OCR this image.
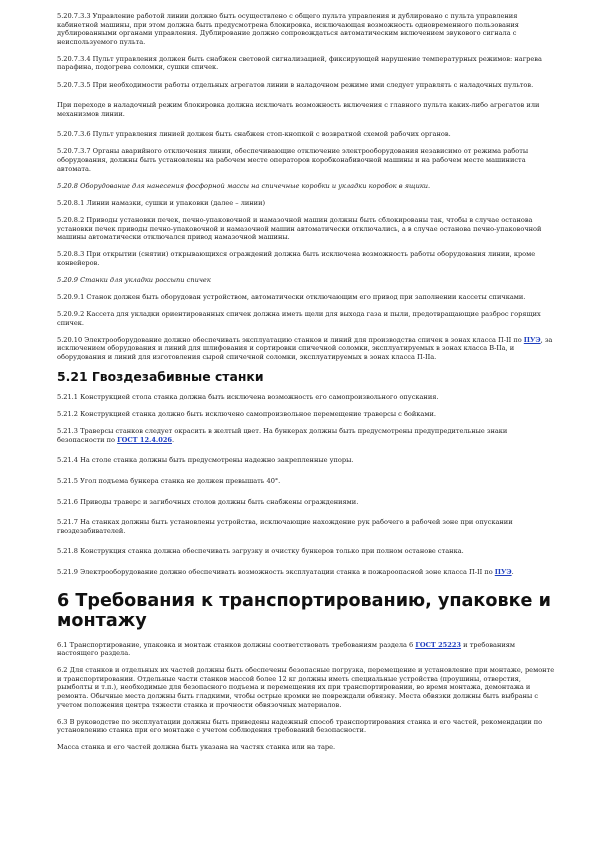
5.20.7.3.3 Управление работой линии должно быть осуществлено с общего пульта управления и дублировано с пульта управления кабинетной машины, при этом должна быть предусмотрена блокировка, исключающая возможность одновременного пользования дублированными органами управления. Дублирование должно сопровождаться автоматическим включением звукового сигнала с неиспользуемого пульта.

5.20.7.3.4 Пульт управления должен быть снабжен световой сигнализацией, фиксирующей нарушение температурных режимов: нагрева парафина, подогрева соломки, сушки спичек.

5.20.7.3.5 При необходимости работы отдельных агрегатов линии в наладочном режиме ими следует управлять с наладочных пультов.

При переходе в наладочный режим блокировка должна исключать возможность включения с главного пульта каких-либо агрегатов или механизмов линии.

5.20.7.3.6 Пульт управления линией должен быть снабжен стоп-кнопкой с возвратной схемой рабочих органов.

5.20.7.3.7 Органы аварийного отключения линии, обеспечивающие отключение электрооборудования независимо от режима работы оборудования, должны быть установлены на рабочем месте операторов коробконабивочной машины и на рабочем месте машиниста автомата.

5.20.8 Оборудование для нанесения фосфорной массы на спичечные коробки и укладки коробок в ящики.

5.20.8.1 Линии намазки, сушки и упаковки (далее – линии)

5.20.8.2 Приводы установки печек, печно-упаковочной и намазочной машин должны быть сблокированы так, чтобы в случае останова установки печек приводы печно-упаковочной и намазочной машин автоматически отключались, а в случае останова печно-упаковочной машины автоматически отключался привод намазочной машины.

5.20.8.3 При открытии (снятии) открывающихся ограждений должна быть исключена возможность работы оборудования линии, кроме конвейеров.

5.20.9 Станки для укладки россыпи спичек

5.20.9.1 Станок должен быть оборудован устройством, автоматически отключающим его привод при заполнении кассеты спичками.

5.20.9.2 Кассета для укладки ориентированных спичек должна иметь щели для выхода газа и пыли, предотвращающие разброс горящих спичек.

5.20.10 Электрооборудование должно обеспечивать эксплуатацию станков и линий для производства спичек в зонах класса П-II по ПУЭ, за исключением оборудования и линий для шлифования и сортировки спичечной соломки, эксплуатируемых в зонах класса В-IIа, и оборудования и линий для изготовления сырой спичечной соломки, эксплуатируемых в зонах класса П-IIа.

5.21 Гвоздезабивные станки

5.21.1 Конструкцией стола станка должна быть исключена возможность его самопроизвольного опускания.

5.21.2 Конструкцией станка должно быть исключено самопроизвольное перемещение траверсы с бойками.

5.21.3 Траверсы станков следует окрасить в желтый цвет. На бункерах должны быть предусмотрены предупредительные знаки безопасности по ГОСТ 12.4.026.

5.21.4 На столе станка должны быть предусмотрены надежно закрепленные упоры.

5.21.5 Угол подъема бункера станка не должен превышать 40°.

5.21.6 Приводы траверс и загибочных столов должны быть снабжены ограждениями.

5.21.7 На станках должны быть установлены устройства, исключающие нахождение рук рабочего в рабочей зоне при опускании гвоздезабивателей.

5.21.8 Конструкция станка должна обеспечивать загрузку и очистку бункеров только при полном останове станка.

5.21.9 Электрооборудование должно обеспечивать возможность эксплуатации станка в пожароопасной зоне класса П-II по ПУЭ.

6 Требования к транспортированию, упаковке и монтажу

6.1 Транспортирование, упаковка и монтаж станков должны соответствовать требованиям раздела 6 ГОСТ 25223 и требованиям настоящего раздела.

6.2 Для станков и отдельных их частей должны быть обеспечены безопасные погрузка, перемещение и установление при монтаже, ремонте и транспортировании. Отдельные части станков массой более 12 кг должны иметь специальные устройства (проушины, отверстия, рымболты и т.п.), необходимые для безопасного подъема и перемещения их при транспортировании, во время монтажа, демонтажа и ремонта. Обычные места должны быть гладкими, чтобы острые кромки не повреждали обвязку. Места обвязки должны быть выбраны с учетом положения центра тяжести станка и прочности обвязочных материалов.

6.3 В руководстве по эксплуатации должны быть приведены надежный способ транспортирования станка и его частей, рекомендации по установлению станка при его монтаже с учетом соблюдения требований безопасности.

Масса станка и его частей должна быть указана на частях станка или на таре.
